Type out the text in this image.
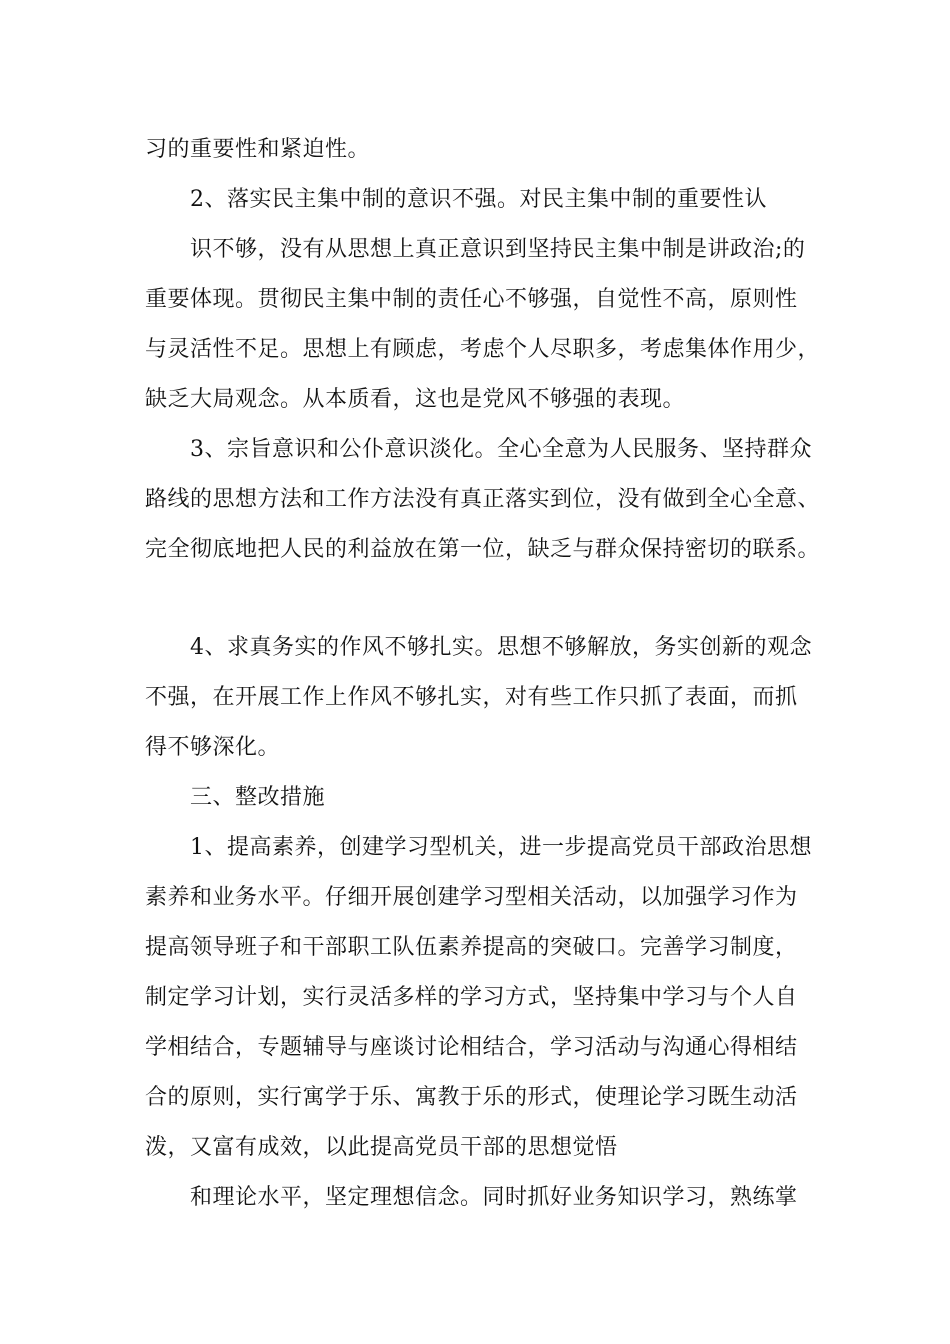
习的重要性和紧迫性。
2、落实民主集中制的意识不强。对民主集中制的重要性认
识不够，没有从思想上真正意识到坚持民主集中制是讲政治;的
重要体现。贯彻民主集中制的责任心不够强，自觉性不高，原则性
与灵活性不足。思想上有顾虑，考虑个人尽职多，考虑集体作用少，
缺乏大局观念。从本质看，这也是党风不够强的表现。
3、宗旨意识和公仆意识淡化。全心全意为人民服务、坚持群众
路线的思想方法和工作方法没有真正落实到位，没有做到全心全意、
完全彻底地把人民的利益放在第一位，缺乏与群众保持密切的联系。
4、求真务实的作风不够扎实。思想不够解放，务实创新的观念
不强，在开展工作上作风不够扎实，对有些工作只抓了表面，而抓
得不够深化。
三、整改措施
1、提高素养，创建学习型机关，进一步提高党员干部政治思想
素养和业务水平。仔细开展创建学习型相关活动，以加强学习作为
提高领导班子和干部职工队伍素养提高的突破口。完善学习制度，
制定学习计划，实行灵活多样的学习方式，坚持集中学习与个人自
学相结合，专题辅导与座谈讨论相结合，学习活动与沟通心得相结
合的原则，实行寓学于乐、寓教于乐的形式，使理论学习既生动活
泼，又富有成效，以此提高党员干部的思想觉悟
和理论水平，坚定理想信念。同时抓好业务知识学习，熟练掌
